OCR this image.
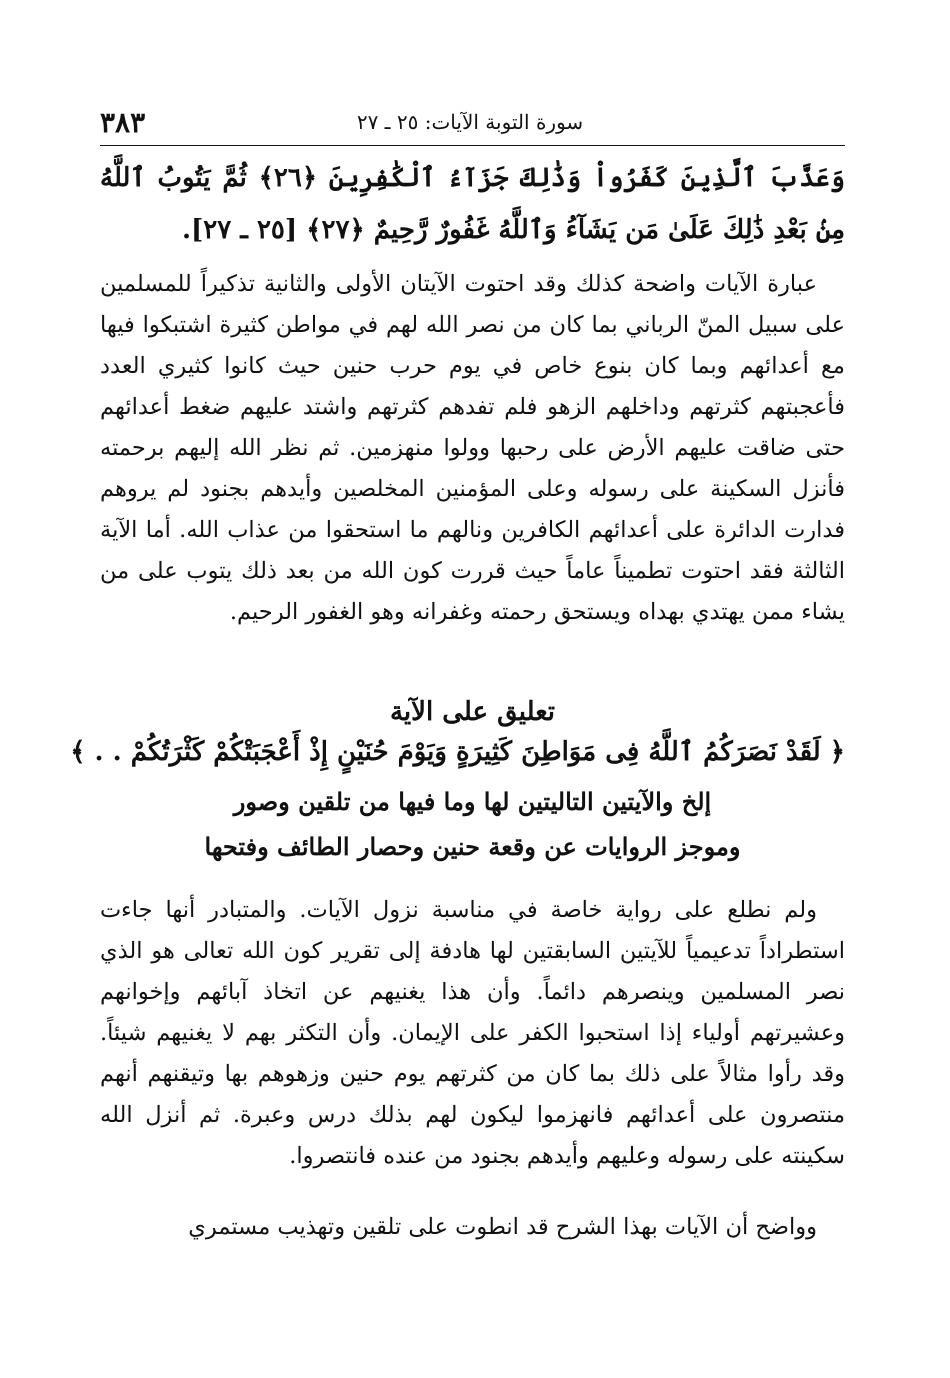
٣٨٣	سورة التوبة الآيات: ٢٥ ـ ٢٧
وَعَذَّبَ ٱلَّذِينَ كَفَرُواْ وَذَٰلِكَ جَزَآءُ ٱلْكَٰفِرِينَ ﴿٢٦﴾ ثُمَّ يَتُوبُ ٱللَّهُ مِنۢ بَعْدِ ذَٰلِكَ عَلَىٰ مَن يَشَآءُ وَٱللَّهُ غَفُورٌ رَّحِيمٌ ﴿٢٧﴾ [٢٥ ـ ٢٧].
عبارة الآيات واضحة كذلك وقد احتوت الآيتان الأولى والثانية تذكيراً للمسلمين على سبيل المنّ الرباني بما كان من نصر الله لهم في مواطن كثيرة اشتبكوا فيها مع أعدائهم وبما كان بنوع خاص في يوم حرب حنين حيث كانوا كثيري العدد فأعجبتهم كثرتهم وداخلهم الزهو فلم تفدهم كثرتهم واشتد عليهم ضغط أعدائهم حتى ضاقت عليهم الأرض على رحبها وولوا منهزمين. ثم نظر الله إليهم برحمته فأنزل السكينة على رسوله وعلى المؤمنين المخلصين وأيدهم بجنود لم يروهم فدارت الدائرة على أعدائهم الكافرين ونالهم ما استحقوا من عذاب الله. أما الآية الثالثة فقد احتوت تطميناً عاماً حيث قررت كون الله من بعد ذلك يتوب على من يشاء ممن يهتدي بهداه ويستحق رحمته وغفرانه وهو الغفور الرحيم.
تعليق على الآية
﴿ لَقَدْ نَصَرَكُمُ ٱللَّهُ فِى مَوَاطِنَ كَثِيرَةٍ وَيَوْمَ حُنَيْنٍ إِذْ أَعْجَبَتْكُمْ كَثْرَتُكُمْ . . ﴾
إلخ والآيتين التاليتين لها وما فيها من تلقين وصور
وموجز الروايات عن وقعة حنين وحصار الطائف وفتحها
ولم نطلع على رواية خاصة في مناسبة نزول الآيات. والمتبادر أنها جاءت استطراداً تدعيمياً للآيتين السابقتين لها هادفة إلى تقرير كون الله تعالى هو الذي نصر المسلمين وينصرهم دائماً. وأن هذا يغنيهم عن اتخاذ آبائهم وإخوانهم وعشيرتهم أولياء إذا استحبوا الكفر على الإيمان. وأن التكثر بهم لا يغنيهم شيئاً. وقد رأوا مثالاً على ذلك بما كان من كثرتهم يوم حنين وزهوهم بها وتيقنهم أنهم منتصرون على أعدائهم فانهزموا ليكون لهم بذلك درس وعبرة. ثم أنزل الله سكينته على رسوله وعليهم وأيدهم بجنود من عنده فانتصروا.
وواضح أن الآيات بهذا الشرح قد انطوت على تلقين وتهذيب مستمري
